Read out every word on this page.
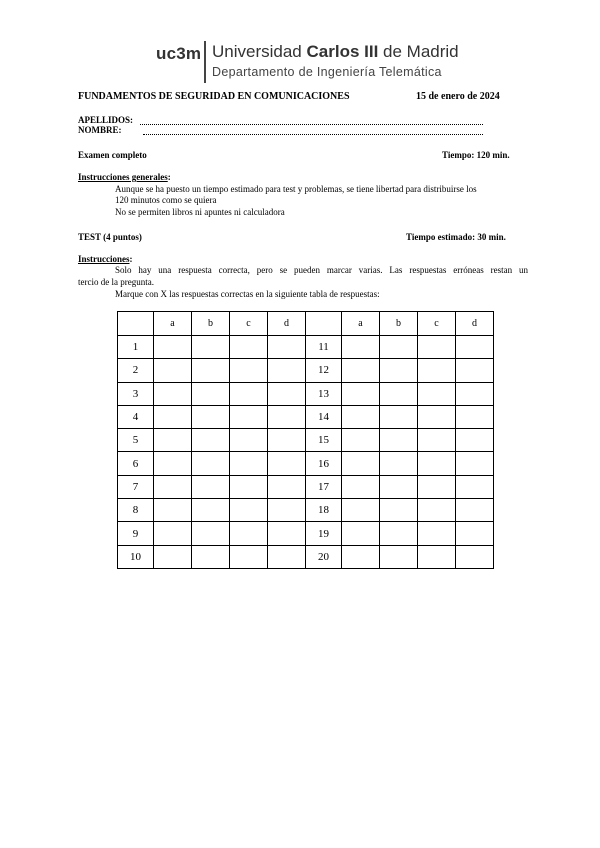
uc3m Universidad Carlos III de Madrid
Departamento de Ingeniería Telemática
FUNDAMENTOS DE SEGURIDAD EN COMUNICACIONES	15 de enero de 2024
APELLIDOS:
NOMBRE:
Examen completo	Tiempo: 120 min.
Instrucciones generales:
Aunque se ha puesto un tiempo estimado para test y problemas, se tiene libertad para distribuirse los
120 minutos como se quiera
No se permiten libros ni apuntes ni calculadora
TEST (4 puntos)	Tiempo estimado: 30 min.
Instrucciones:
Solo hay una respuesta correcta, pero se pueden marcar varias. Las respuestas erróneas restan un
tercio de la pregunta.
Marque con X las respuestas correctas en la siguiente tabla de respuestas:
	a	b	c	d		a	b	c	d
1					11				
2					12				
3					13				
4					14				
5					15				
6					16				
7					17				
8					18				
9					19				
10					20				
